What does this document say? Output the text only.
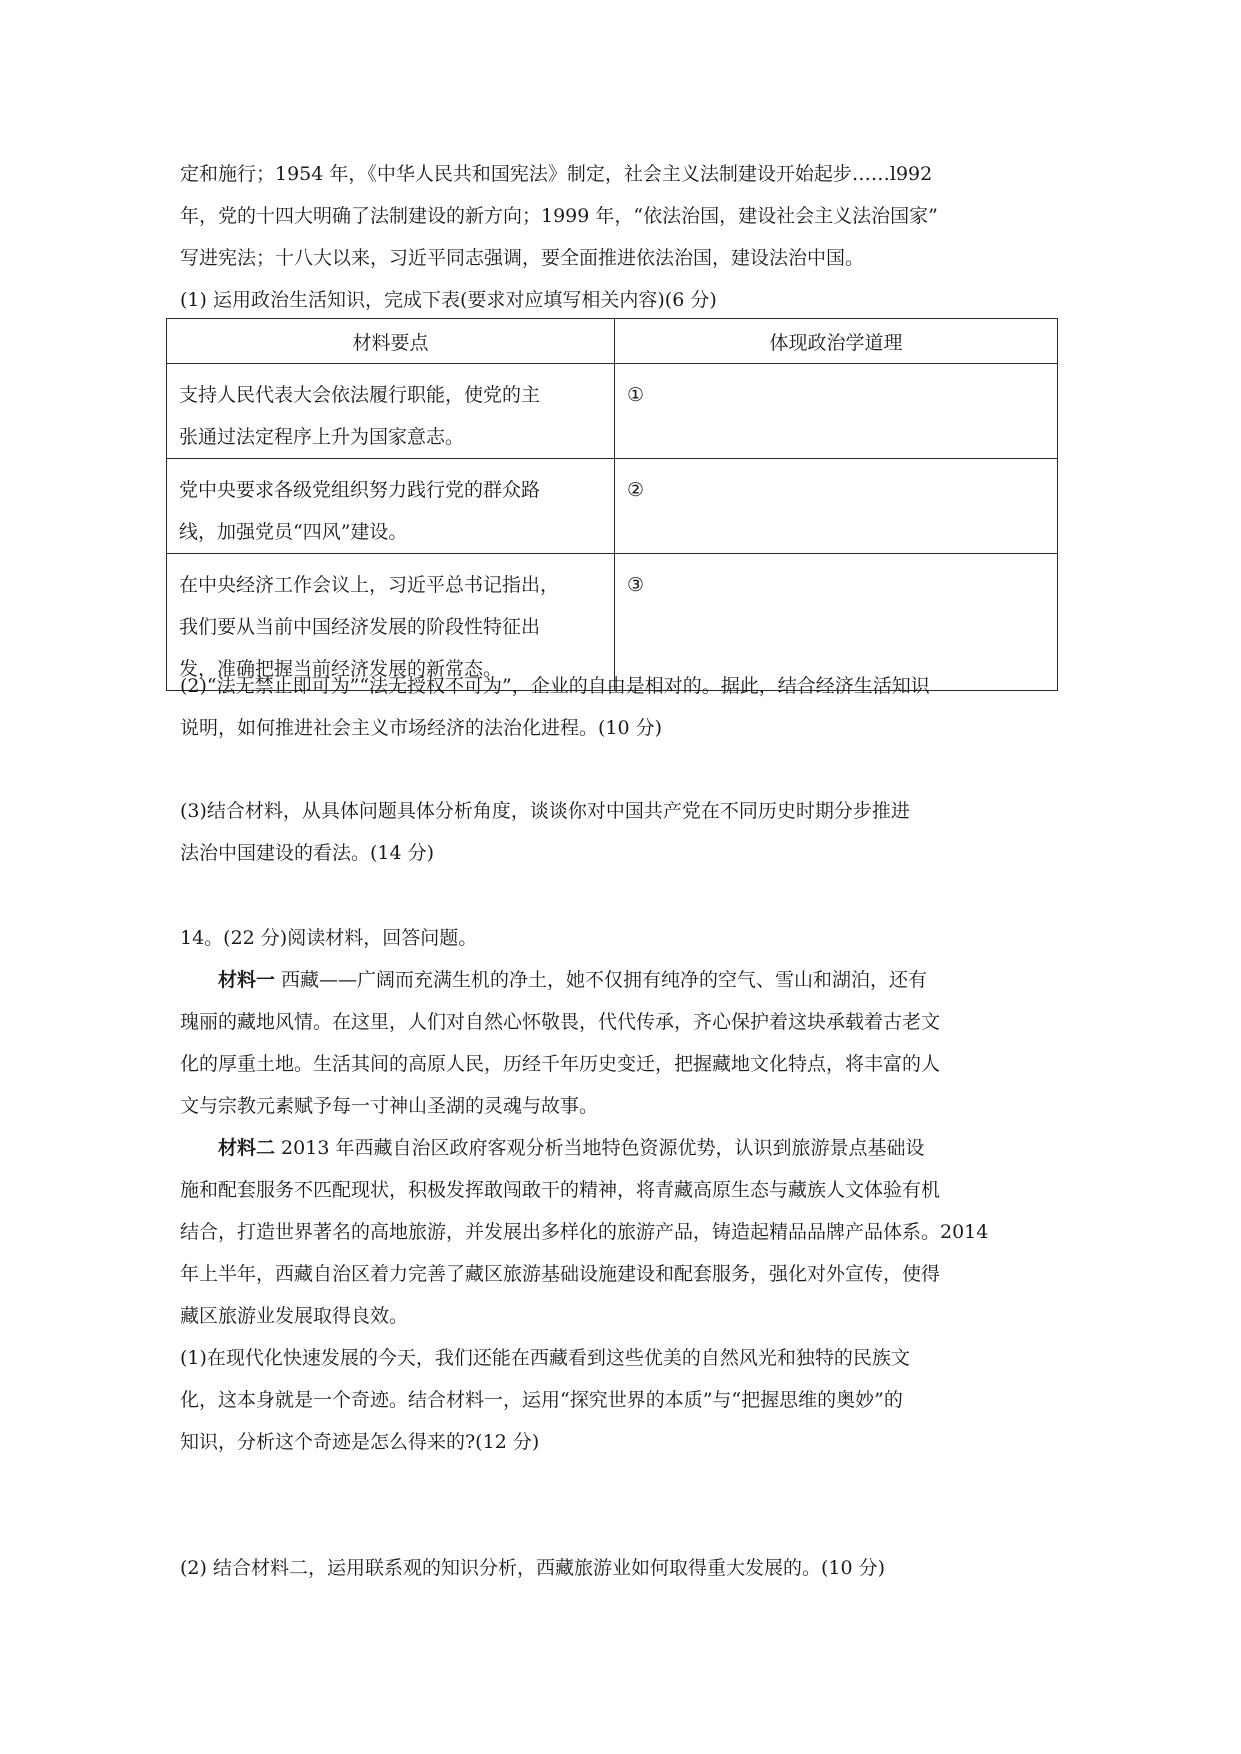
定和施行；1954 年，《中华人民共和国宪法》制定，社会主义法制建设开始起步……l992
年，党的十四大明确了法制建设的新方向；1999 年，“依法治国，建设社会主义法治国家”
写进宪法；十八大以来，习近平同志强调，要全面推进依法治国，建设法治中国。
(1) 运用政治生活知识，完成下表(要求对应填写相关内容)(6 分)
材料要点	体现政治学道理

支持人民代表大会依法履行职能，使党的主
张通过法定程序上升为国家意志。	①

党中央要求各级党组织努力践行党的群众路
线，加强党员“四风”建设。	②

在中央经济工作会议上，习近平总书记指出，
我们要从当前中国经济发展的阶段性特征出
发，准确把握当前经济发展的新常态。	③
(2)“法无禁止即可为”“法无授权不可为”，企业的自由是相对的。据此，结合经济生活知识
说明，如何推进社会主义市场经济的法治化进程。(10 分)
(3)结合材料，从具体问题具体分析角度，谈谈你对中国共产党在不同历史时期分步推进
法治中国建设的看法。(14 分)
14。(22 分)阅读材料，回答问题。
材料一 西藏——广阔而充满生机的净土，她不仅拥有纯净的空气、雪山和湖泊，还有
瑰丽的藏地风情。在这里，人们对自然心怀敬畏，代代传承，齐心保护着这块承载着古老文
化的厚重土地。生活其间的高原人民，历经千年历史变迁，把握藏地文化特点，将丰富的人
文与宗教元素赋予每一寸神山圣湖的灵魂与故事。
材料二 2013 年西藏自治区政府客观分析当地特色资源优势，认识到旅游景点基础设
施和配套服务不匹配现状，积极发挥敢闯敢干的精神，将青藏高原生态与藏族人文体验有机
结合，打造世界著名的高地旅游，并发展出多样化的旅游产品，铸造起精品品牌产品体系。2014
年上半年，西藏自治区着力完善了藏区旅游基础设施建设和配套服务，强化对外宣传，使得
藏区旅游业发展取得良效。
(1)在现代化快速发展的今天，我们还能在西藏看到这些优美的自然风光和独特的民族文
化，这本身就是一个奇迹。结合材料一，运用“探究世界的本质”与“把握思维的奥妙”的
知识，分析这个奇迹是怎么得来的?(12 分)
(2) 结合材料二，运用联系观的知识分析，西藏旅游业如何取得重大发展的。(10 分)
